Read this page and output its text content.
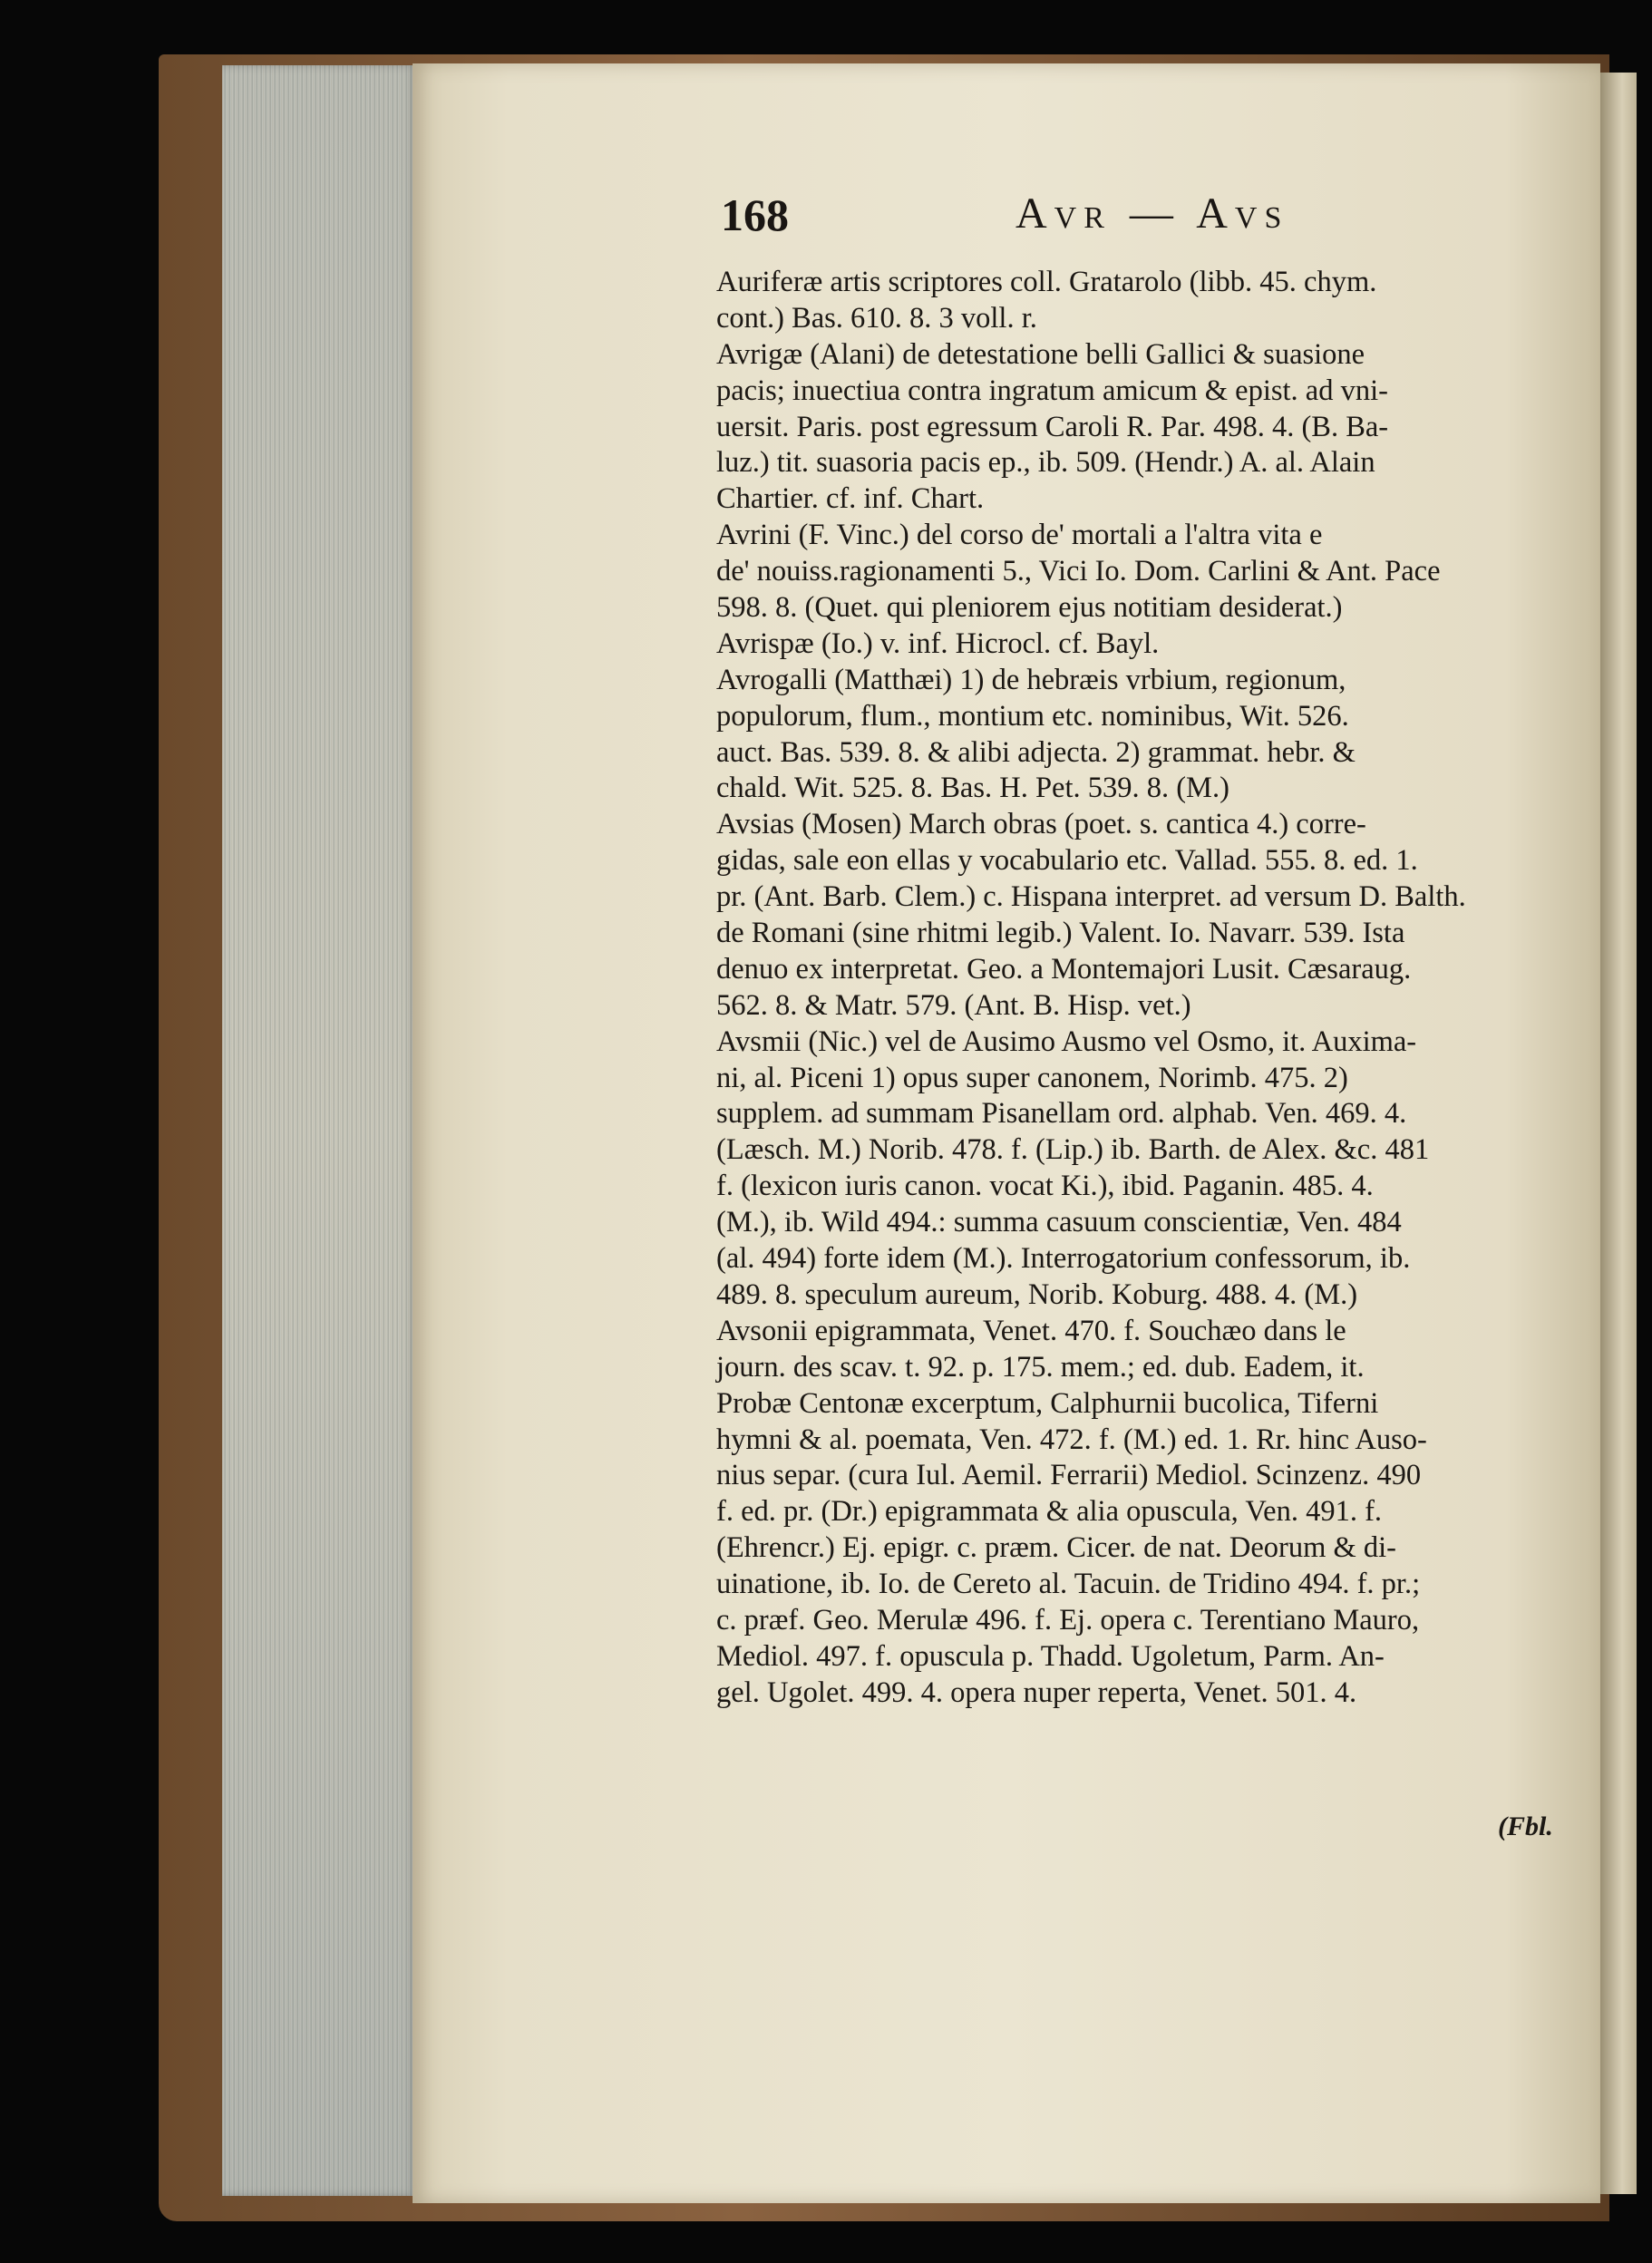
168	Avr — Avs
Auriferæ artis scriptores coll. Gratarolo (libb. 45. chym.
cont.) Bas. 610. 8. 3 voll. r.
Avrigæ (Alani) de detestatione belli Gallici & suasione
pacis; inuectiua contra ingratum amicum & epist. ad vni-
uersit. Paris. post egressum Caroli R. Par. 498. 4. (B. Ba-
luz.) tit. suasoria pacis ep., ib. 509. (Hendr.) A. al. Alain
Chartier. cf. inf. Chart.
Avrini (F. Vinc.) del corso de' mortali a l'altra vita e
de' nouiss.ragionamenti 5., Vici Io. Dom. Carlini & Ant. Pace
598. 8. (Quet. qui pleniorem ejus notitiam desiderat.)
Avrispæ (Io.) v. inf. Hicrocl. cf. Bayl.
Avrogalli (Matthæi) 1) de hebræis vrbium, regionum,
populorum, flum., montium etc. nominibus, Wit. 526.
auct. Bas. 539. 8. & alibi adjecta. 2) grammat. hebr. &
chald. Wit. 525. 8. Bas. H. Pet. 539. 8. (M.)
Avsias (Mosen) March obras (poet. s. cantica 4.) corre-
gidas, sale eon ellas y vocabulario etc. Vallad. 555. 8. ed. 1.
pr. (Ant. Barb. Clem.) c. Hispana interpret. ad versum D. Balth.
de Romani (sine rhitmi legib.) Valent. Io. Navarr. 539. Ista
denuo ex interpretat. Geo. a Montemajori Lusit. Cæsaraug.
562. 8. & Matr. 579. (Ant. B. Hisp. vet.)
Avsmii (Nic.) vel de Ausimo Ausmo vel Osmo, it. Auxima-
ni, al. Piceni 1) opus super canonem, Norimb. 475. 2)
supplem. ad summam Pisanellam ord. alphab. Ven. 469. 4.
(Læsch. M.) Norib. 478. f. (Lip.) ib. Barth. de Alex. &c. 481
f. (lexicon iuris canon. vocat Ki.), ibid. Paganin. 485. 4.
(M.), ib. Wild 494.: summa casuum conscientiæ, Ven. 484
(al. 494) forte idem (M.). Interrogatorium confessorum, ib.
489. 8. speculum aureum, Norib. Koburg. 488. 4. (M.)
Avsonii epigrammata, Venet. 470. f. Souchæo dans le
journ. des scav. t. 92. p. 175. mem.; ed. dub. Eadem, it.
Probæ Centonæ excerptum, Calphurnii bucolica, Tiferni
hymni & al. poemata, Ven. 472. f. (M.) ed. 1. Rr. hinc Auso-
nius separ. (cura Iul. Aemil. Ferrarii) Mediol. Scinzenz. 490
f. ed. pr. (Dr.) epigrammata & alia opuscula, Ven. 491. f.
(Ehrencr.) Ej. epigr. c. præm. Cicer. de nat. Deorum & di-
uinatione, ib. Io. de Cereto al. Tacuin. de Tridino 494. f. pr.;
c. præf. Geo. Merulæ 496. f. Ej. opera c. Terentiano Mauro,
Mediol. 497. f. opuscula p. Thadd. Ugoletum, Parm. An-
gel. Ugolet. 499. 4. opera nuper reperta, Venet. 501. 4.
(Fbl.
